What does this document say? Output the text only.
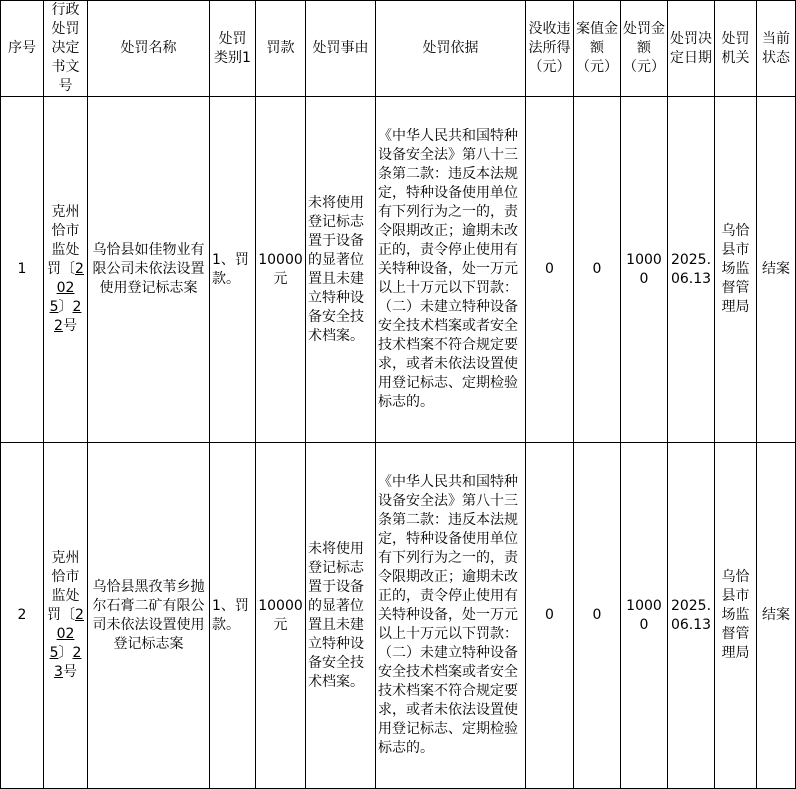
序号	行政处罚决定书文号	处罚名称	处罚类别1	罚款	处罚事由	处罚依据	没收违法所得（元）	案值金额（元）	处罚金额（元）	处罚决定日期	处罚机关	当前状态
1	克州恰市监处罚〔2025〕22号	乌恰县如佳物业有限公司未依法设置使用登记标志案	1、罚款。	10000元	未将使用登记标志置于设备的显著位置且未建立特种设备安全技术档案。	《中华人民共和国特种设备安全法》第八十三条第二款：违反本法规定，特种设备使用单位有下列行为之一的，责令限期改正；逾期未改正的，责令停止使用有关特种设备，处一万元以上十万元以下罚款：（二）未建立特种设备安全技术档案或者安全技术档案不符合规定要求，或者未依法设置使用登记标志、定期检验标志的。	0	0	10000	2025.06.13	乌恰县市场监督管理局	结案
2	克州恰市监处罚〔2025〕23号	乌恰县黑孜苇乡抛尔石膏二矿有限公司未依法设置使用登记标志案	1、罚款。	10000元	未将使用登记标志置于设备的显著位置且未建立特种设备安全技术档案。	《中华人民共和国特种设备安全法》第八十三条第二款：违反本法规定，特种设备使用单位有下列行为之一的，责令限期改正；逾期未改正的，责令停止使用有关特种设备，处一万元以上十万元以下罚款：（二）未建立特种设备安全技术档案或者安全技术档案不符合规定要求，或者未依法设置使用登记标志、定期检验标志的。	0	0	10000	2025.06.13	乌恰县市场监督管理局	结案
